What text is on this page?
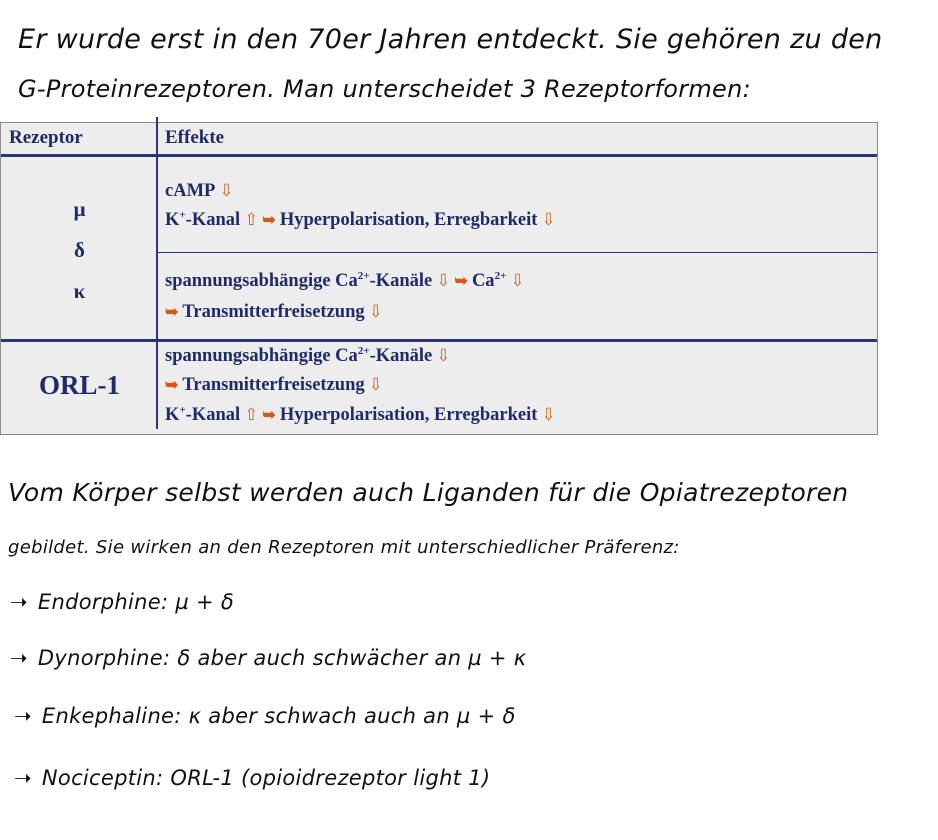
Er wurde erst in den 70er Jahren entdeckt. Sie gehören zu den
G-Proteinrezeptoren. Man unterscheidet 3 Rezeptorformen:
Rezeptor	Effekte
µ
δ
κ
ORL-1
cAMP ⇩
K+-Kanal ⇧ ➥ Hyperpolarisation, Erregbarkeit ⇩
spannungsabhängige $Ca^{2+}$-Kanäle ⇩ ➥ $Ca^{2+}$ ⇩
➥ Transmitterfreisetzung ⇩
spannungsabhängige $Ca^{2+}$-Kanäle ⇩
➥ Transmitterfreisetzung ⇩
K+-Kanal ⇧ ➥ Hyperpolarisation, Erregbarkeit ⇩
Vom Körper selbst werden auch Liganden für die Opiatrezeptoren
gebildet. Sie wirken an den Rezeptoren mit unterschiedlicher Präferenz:
➝ Endorphine: µ + δ
➝ Dynorphine: δ aber auch schwächer an µ + κ
➝ Enkephaline: κ aber schwach auch an µ + δ
➝ Nociceptin: ORL-1 (opioidrezeptor light 1)
